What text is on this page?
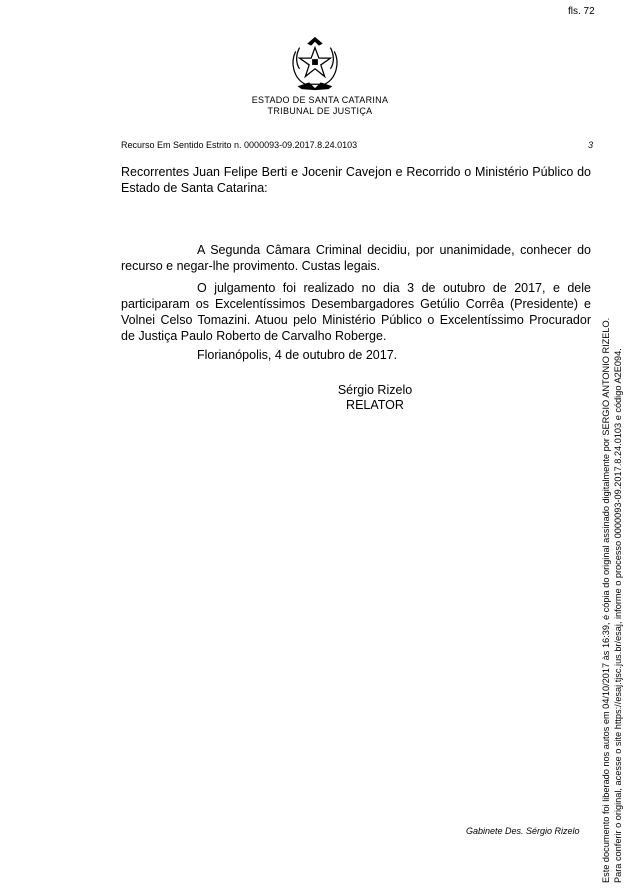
fls. 72
ESTADO DE SANTA CATARINA
TRIBUNAL DE JUSTIÇA
Recurso Em Sentido Estrito n. 0000093-09.2017.8.24.0103	3
Recorrentes Juan Felipe Berti e Jocenir Cavejon e Recorrido o Ministério Público do Estado de Santa Catarina:
A Segunda Câmara Criminal decidiu, por unanimidade, conhecer do recurso e negar-lhe provimento. Custas legais.
O julgamento foi realizado no dia 3 de outubro de 2017, e dele participaram os Excelentíssimos Desembargadores Getúlio Corrêa (Presidente) e Volnei Celso Tomazini. Atuou pelo Ministério Público o Excelentíssimo Procurador de Justiça Paulo Roberto de Carvalho Roberge.
Florianópolis, 4 de outubro de 2017.
Sérgio Rizelo
RELATOR
Gabinete Des. Sérgio Rizelo Este documento foi liberado nos autos em 04/10/2017 às 16:39, é cópia do original assinado digitalmente por SERGIO ANTONIO RIZELO. Para conferir o original, acesse o site https://esaj.tjsc.jus.br/esaj, informe o processo 0000093-09.2017.8.24.0103 e código A2E094.
